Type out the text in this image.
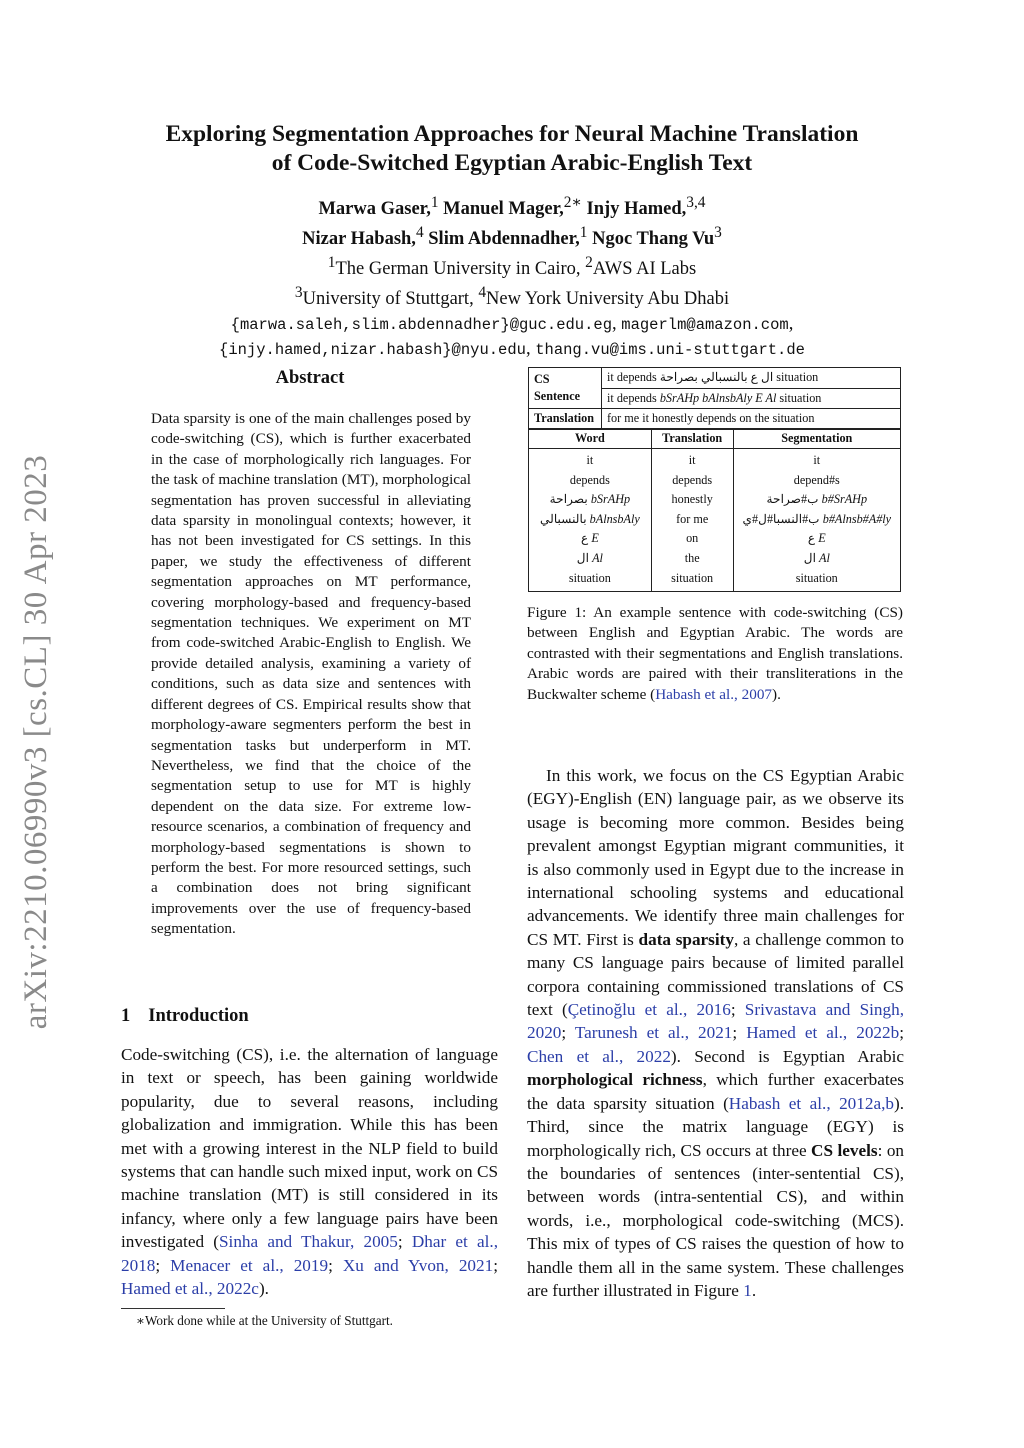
arXiv:2210.06990v3 [cs.CL] 30 Apr 2023
Exploring Segmentation Approaches for Neural Machine Translation
of Code-Switched Egyptian Arabic-English Text
Marwa Gaser,$^1$ Manuel Mager,$^{2∗}$ Injy Hamed,$^{3,4}$
Nizar Habash,$^4$ Slim Abdennadher,$^1$ Ngoc Thang Vu$^3$
$^1$The German University in Cairo, $^2$AWS AI Labs
$^3$University of Stuttgart, $^4$New York University Abu Dhabi
{marwa.saleh,slim.abdennadher}@guc.edu.eg, magerlm@amazon.com,
{injy.hamed,nizar.habash}@nyu.edu, thang.vu@ims.uni-stuttgart.de
Abstract
Data sparsity is one of the main challenges posed by code-switching (CS), which is further exacerbated in the case of morphologically rich languages. For the task of machine translation (MT), morphological segmentation has proven successful in alleviating data sparsity in monolingual contexts; however, it has not been investigated for CS settings. In this paper, we study the effectiveness of different segmentation approaches on MT performance, covering morphology-based and frequency-based segmentation techniques. We experiment on MT from code-switched Arabic-English to English. We provide detailed analysis, examining a variety of conditions, such as data size and sentences with different degrees of CS. Empirical results show that morphology-aware segmenters perform the best in segmentation tasks but underperform in MT. Nevertheless, we find that the choice of the segmentation setup to use for MT is highly dependent on the data size. For extreme low-resource scenarios, a combination of frequency and morphology-based segmentations is shown to perform the best. For more resourced settings, such a combination does not bring significant improvements over the use of frequency-based segmentation.
1 Introduction
Code-switching (CS), i.e. the alternation of language in text or speech, has been gaining worldwide popularity, due to several reasons, including globalization and immigration. While this has been met with a growing interest in the NLP field to build systems that can handle such mixed input, work on CS machine translation (MT) is still considered in its infancy, where only a few language pairs have been investigated (Sinha and Thakur, 2005; Dhar et al., 2018; Menacer et al., 2019; Xu and Yvon, 2021; Hamed et al., 2022c).
∗Work done while at the University of Stuttgart.
CS Sentence	it depends ال ع بالنسبالي بصراحة situation
	it depends bSrAHp bAlnsbAly E Al situation
Translation	for me it honestly depends on the situation
Word	Translation	Segmentation
it	it	it
depends	depends	depend#s
بصراحة bSrAHp	honestly	ب#صراحة b#SrAHp
بالنسبالي bAlnsbAly	for me	ب#النسبا#ل#ي b#Alnsb#A#ly
ع E	on	ع E
ال Al	the	ال Al
situation	situation	situation
Figure 1: An example sentence with code-switching (CS) between English and Egyptian Arabic. The words are contrasted with their segmentations and English translations. Arabic words are paired with their transliterations in the Buckwalter scheme (Habash et al., 2007).
In this work, we focus on the CS Egyptian Arabic (EGY)-English (EN) language pair, as we observe its usage is becoming more common. Besides being prevalent amongst Egyptian migrant communities, it is also commonly used in Egypt due to the increase in international schooling systems and educational advancements. We identify three main challenges for CS MT. First is data sparsity, a challenge common to many CS language pairs because of limited parallel corpora containing commissioned translations of CS text (Çetinoğlu et al., 2016; Srivastava and Singh, 2020; Tarunesh et al., 2021; Hamed et al., 2022b; Chen et al., 2022). Second is Egyptian Arabic morphological richness, which further exacerbates the data sparsity situation (Habash et al., 2012a,b). Third, since the matrix language (EGY) is morphologically rich, CS occurs at three CS levels: on the boundaries of sentences (inter-sentential CS), between words (intra-sentential CS), and within words, i.e., morphological code-switching (MCS). This mix of types of CS raises the question of how to handle them all in the same system. These challenges are further illustrated in Figure 1.
